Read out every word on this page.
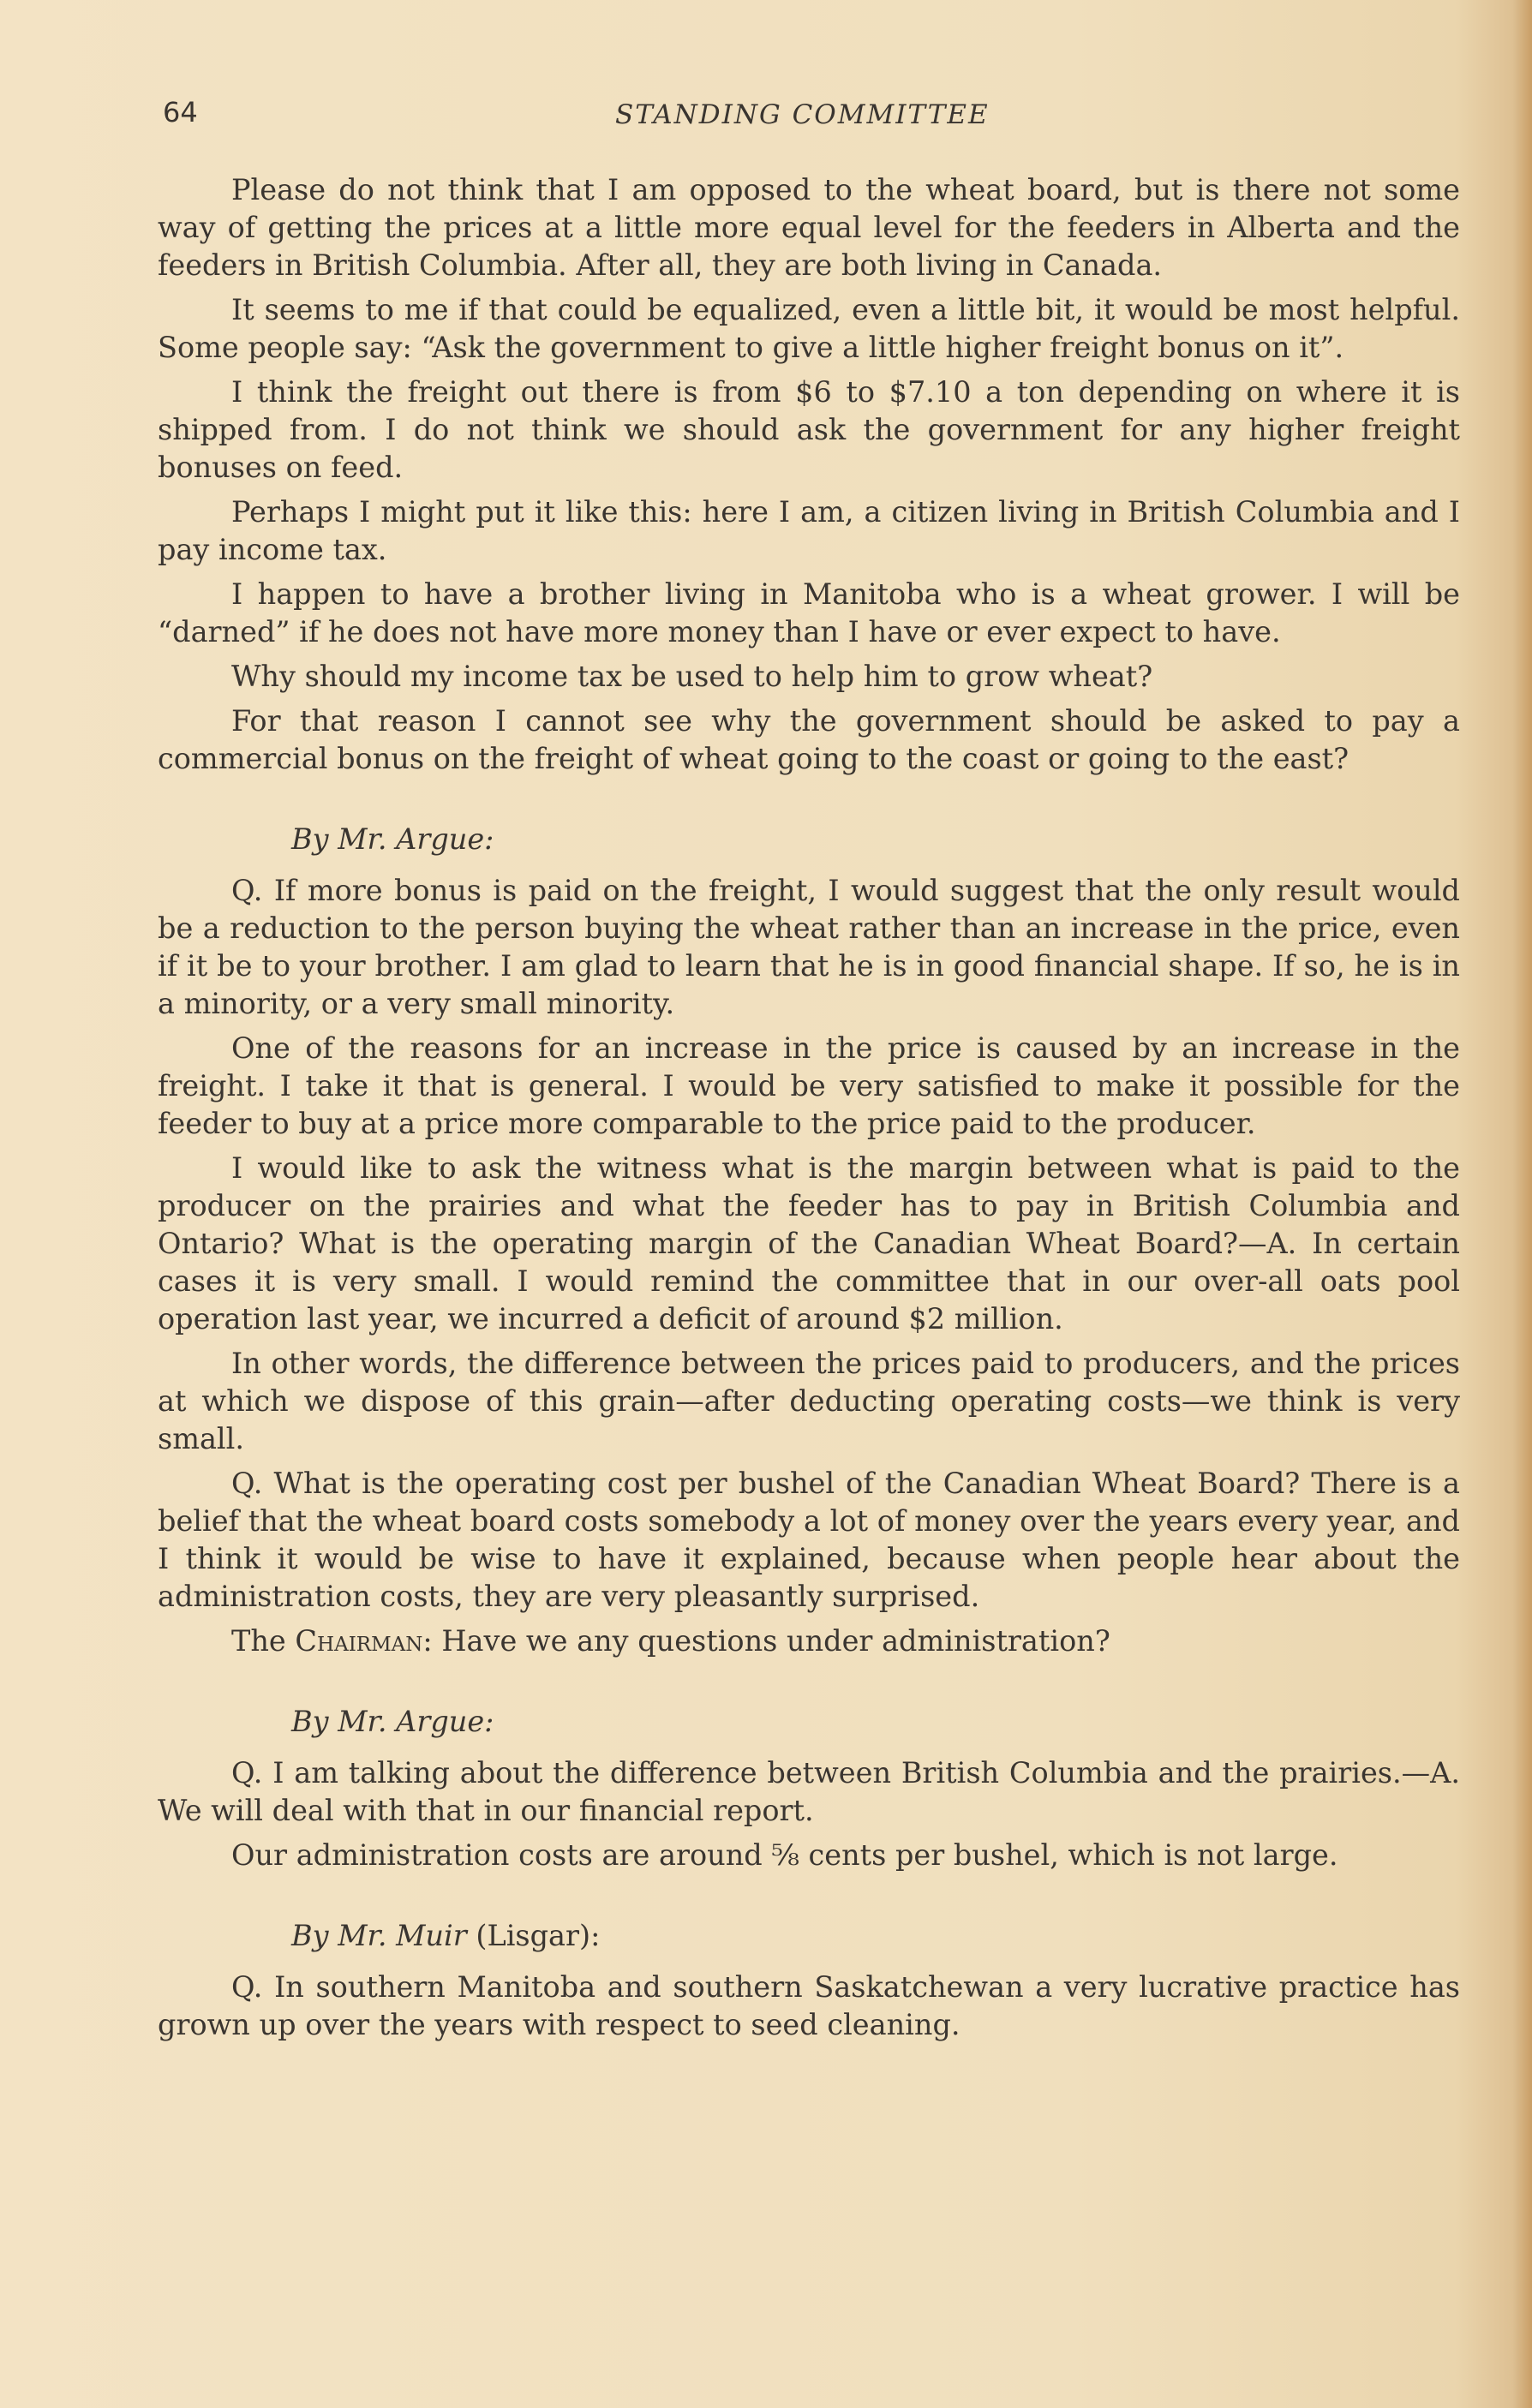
64	STANDING COMMITTEE

Please do not think that I am opposed to the wheat board, but is there not some way of getting the prices at a little more equal level for the feeders in Alberta and the feeders in British Columbia. After all, they are both living in Canada.

It seems to me if that could be equalized, even a little bit, it would be most helpful. Some people say: “Ask the government to give a little higher freight bonus on it”.

I think the freight out there is from $6 to $7.10 a ton depending on where it is shipped from. I do not think we should ask the government for any higher freight bonuses on feed.

Perhaps I might put it like this: here I am, a citizen living in British Columbia and I pay income tax.

I happen to have a brother living in Manitoba who is a wheat grower. I will be “darned” if he does not have more money than I have or ever expect to have.

Why should my income tax be used to help him to grow wheat?

For that reason I cannot see why the government should be asked to pay a commercial bonus on the freight of wheat going to the coast or going to the east?

By Mr. Argue:

Q. If more bonus is paid on the freight, I would suggest that the only result would be a reduction to the person buying the wheat rather than an increase in the price, even if it be to your brother. I am glad to learn that he is in good financial shape. If so, he is in a minority, or a very small minority.

One of the reasons for an increase in the price is caused by an increase in the freight. I take it that is general. I would be very satisfied to make it possible for the feeder to buy at a price more comparable to the price paid to the producer.

I would like to ask the witness what is the margin between what is paid to the producer on the prairies and what the feeder has to pay in British Columbia and Ontario? What is the operating margin of the Canadian Wheat Board?—A. In certain cases it is very small. I would remind the committee that in our over-all oats pool operation last year, we incurred a deficit of around $2 million.

In other words, the difference between the prices paid to producers, and the prices at which we dispose of this grain—after deducting operating costs—we think is very small.

Q. What is the operating cost per bushel of the Canadian Wheat Board? There is a belief that the wheat board costs somebody a lot of money over the years every year, and I think it would be wise to have it explained, because when people hear about the administration costs, they are very pleasantly surprised.

The Chairman: Have we any questions under administration?

By Mr. Argue:

Q. I am talking about the difference between British Columbia and the prairies.—A. We will deal with that in our financial report.

Our administration costs are around ⅝ cents per bushel, which is not large.

By Mr. Muir (Lisgar):

Q. In southern Manitoba and southern Saskatchewan a very lucrative practice has grown up over the years with respect to seed cleaning.
